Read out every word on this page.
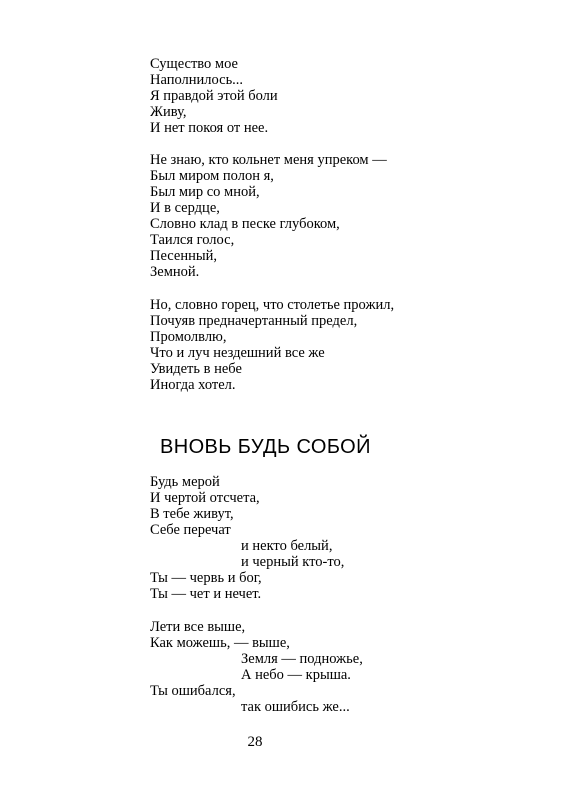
Существо мое
Наполнилось...
Я правдой этой боли
Живу,
И нет покоя от нее.
Не знаю, кто кольнет меня упреком —
Был миром полон я,
Был мир со мной,
И в сердце,
Словно клад в песке глубоком,
Таился голос,
Песенный,
Земной.
Но, словно горец, что столетье прожил,
Почуяв предначертанный предел,
Промолвлю,
Что и луч нездешний все же
Увидеть в небе
Иногда хотел.
ВНОВЬ БУДЬ СОБОЙ
Будь мерой
И чертой отсчета,
В тебе живут,
Себе перечат
и некто белый,
и черный кто-то,
Ты — червь и бог,
Ты — чет и нечет.
Лети все выше,
Как можешь, — выше,
Земля — подножье,
А небо — крыша.
Ты ошибался,
так ошибись же...
28
